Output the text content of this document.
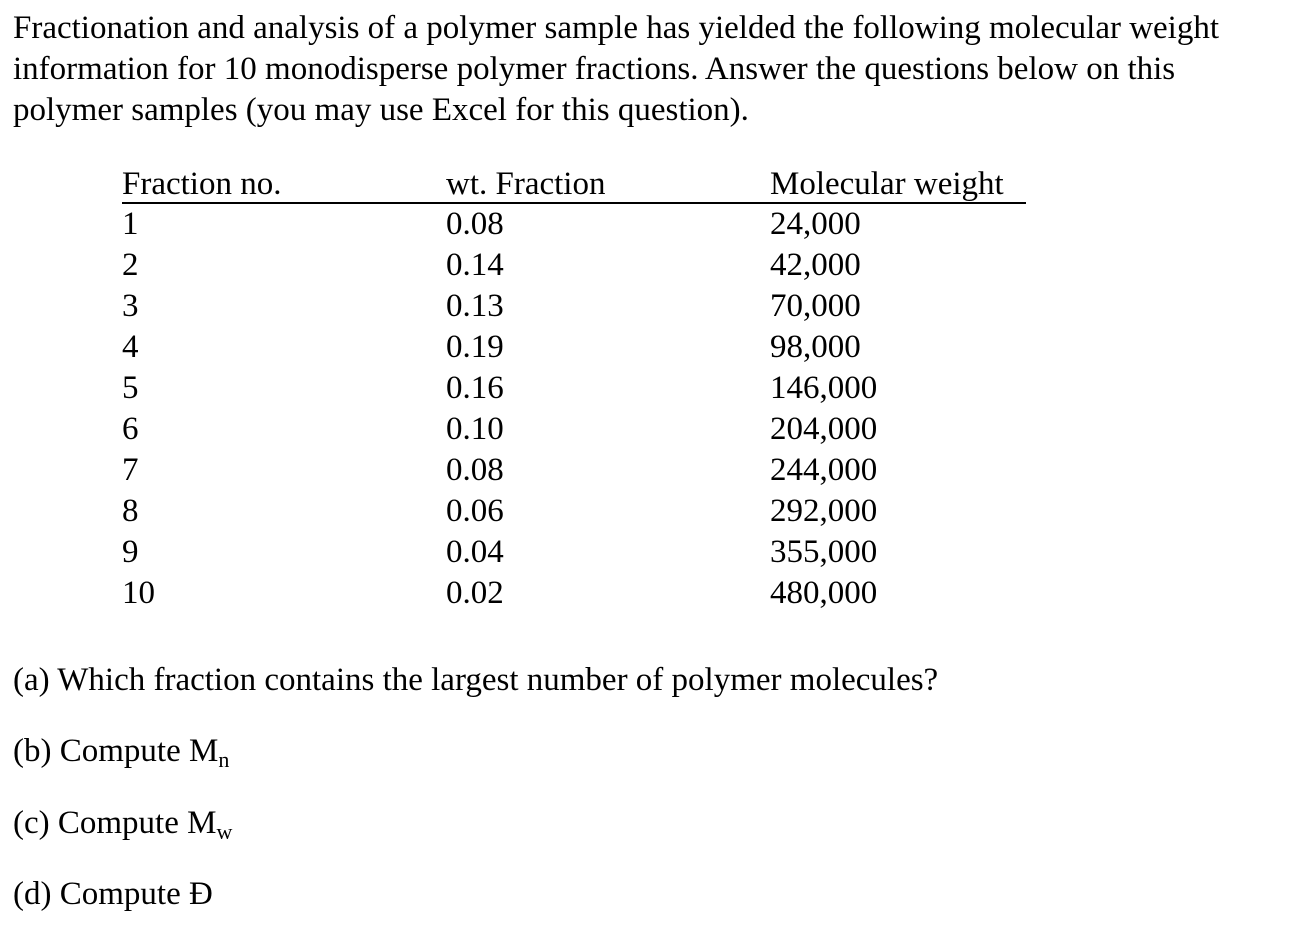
Fractionation and analysis of a polymer sample has yielded the following molecular weight information for 10 monodisperse polymer fractions. Answer the questions below on this polymer samples (you may use Excel for this question).

Fraction no.	wt. Fraction	Molecular weight
1	0.08	24,000
2	0.14	42,000
3	0.13	70,000
4	0.19	98,000
5	0.16	146,000
6	0.10	204,000
7	0.08	244,000
8	0.06	292,000
9	0.04	355,000
10	0.02	480,000

(a) Which fraction contains the largest number of polymer molecules?

(b) Compute $M_n$

(c) Compute $M_w$

(d) Compute Đ
